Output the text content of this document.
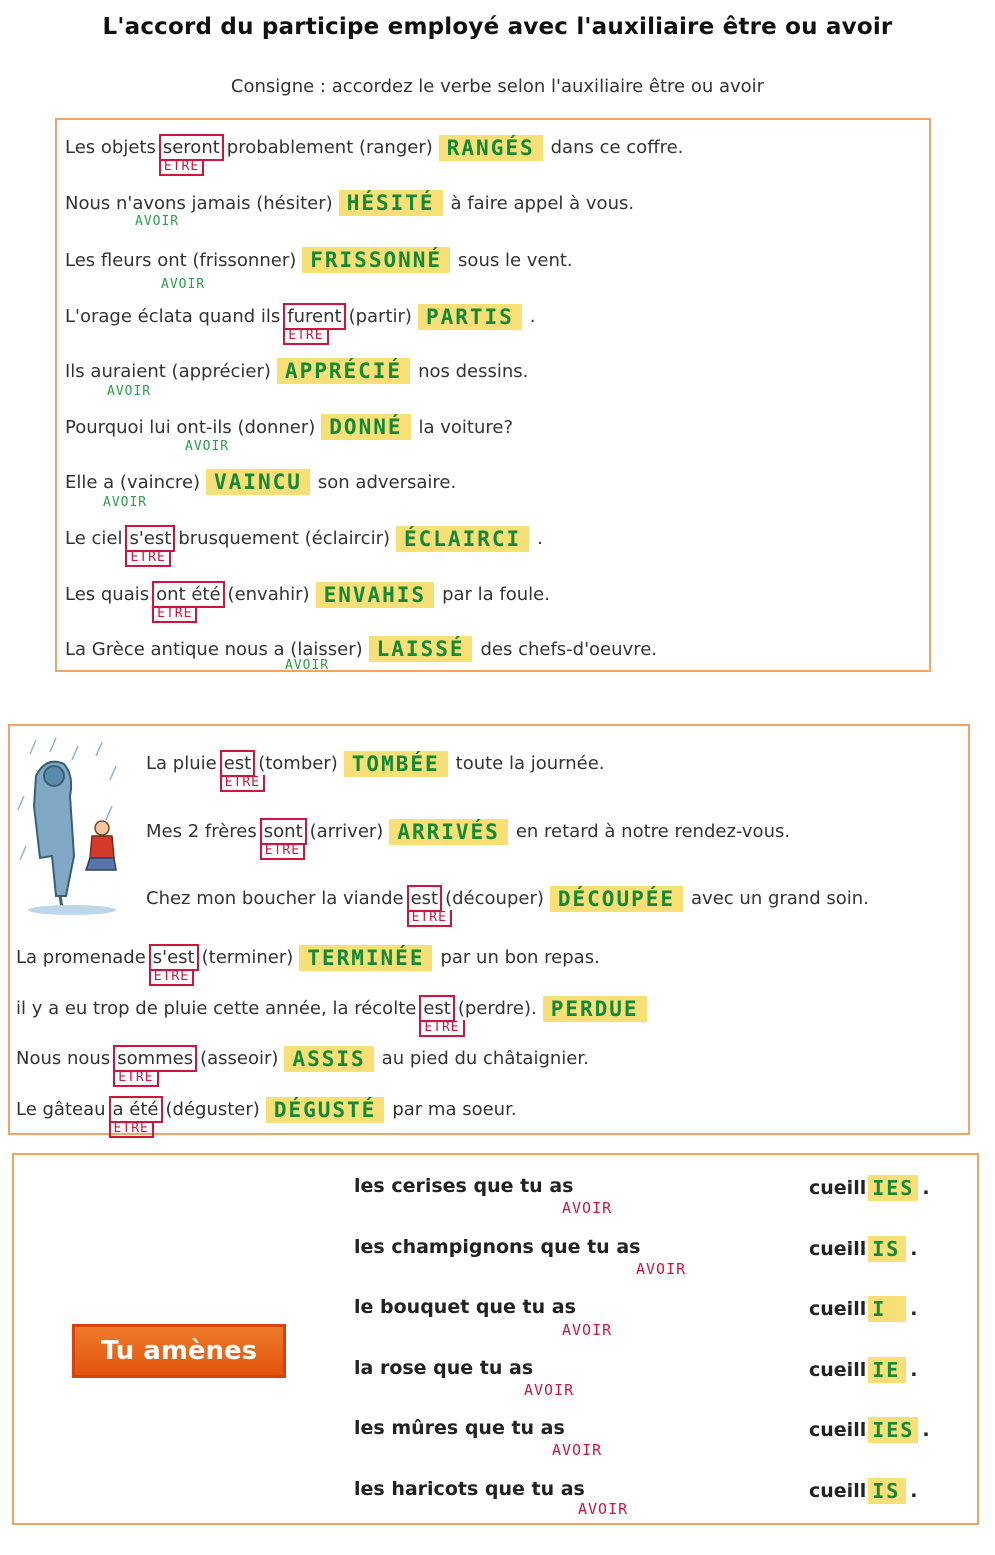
L'accord du participe employé avec l'auxiliaire être ou avoir
Consigne : accordez le verbe selon l'auxiliaire être ou avoir
Les objets seront
ETRE
probablement (ranger) RANGÉS dans ce coffre.
Nous n'avons jamais (hésiter) HÉSITÉ à faire appel à vous.
AVOIR
Les fleurs ont (frissonner) FRISSONNÉ sous le vent.
AVOIR
L'orage éclata quand ils furent
ETRE
(partir) PARTIS .
Ils auraient (apprécier) APPRÉCIÉ nos dessins.
AVOIR
Pourquoi lui ont-ils (donner) DONNÉ la voiture?
AVOIR
Elle a (vaincre) VAINCU son adversaire.
AVOIR
Le ciel s'est
ETRE
brusquement (éclaircir) ÉCLAIRCI .
Les quais ont été
ETRE
(envahir) ENVAHIS par la foule.
La Grèce antique nous a (laisser) LAISSÉ des chefs-d'oeuvre.
AVOIR
La pluie est
ETRE
(tomber) TOMBÉE toute la journée.
Mes 2 frères sont
ETRE
(arriver) ARRIVÉS en retard à notre rendez-vous.
Chez mon boucher la viande est
ETRE
(découper) DÉCOUPÉE avec un grand soin.
La promenade s'est
ETRE
(terminer) TERMINÉE par un bon repas.
il y a eu trop de pluie cette année, la récolte est
ETRE
(perdre). PERDUE
Nous nous sommes
ETRE
(asseoir) ASSIS au pied du châtaignier.
Le gâteau a été
ETRE
(déguster) DÉGUSTÉ par ma soeur.
Tu amènes
les cerises que tu as
AVOIR
cueill IES .
les champignons que tu as
AVOIR
cueill IS .
le bouquet que tu as
AVOIR
cueill I	.
la rose que tu as
AVOIR
cueill IE .
les mûres que tu as
AVOIR
cueill IES .
les haricots que tu as
AVOIR
cueill IS .
